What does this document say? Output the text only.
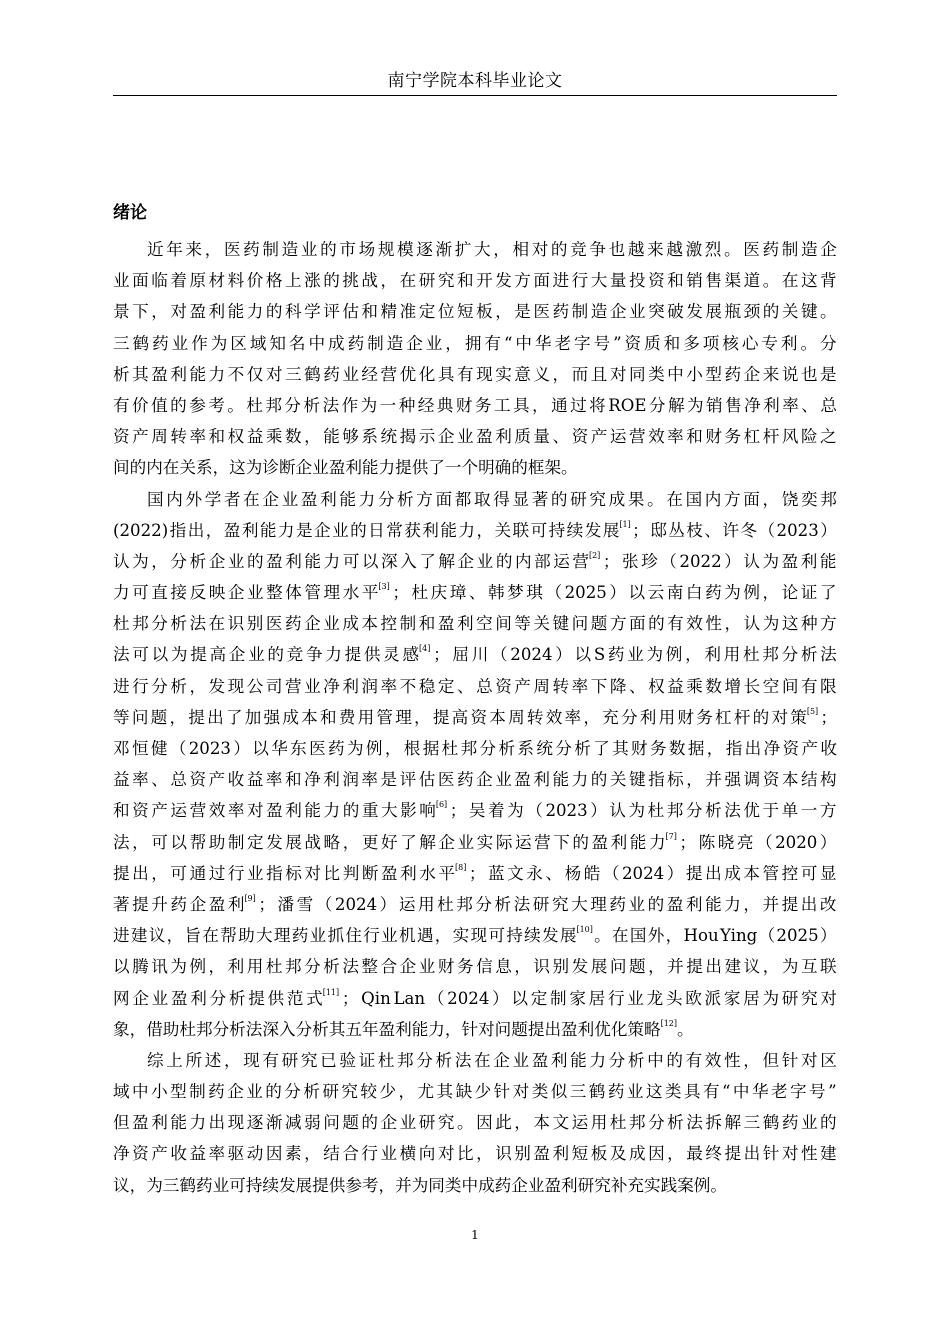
南宁学院本科毕业论文
绪论
近 年 来 ， 医 药 制 造 业 的 市 场 规 模 逐 渐 扩 大 ， 相 对 的 竞 争 也 越 来 越 激 烈 。 医 药 制 造 企
业 面 临 着 原 材 料 价 格 上 涨 的 挑 战 ， 在 研 究 和 开 发 方 面 进 行 大 量 投 资 和 销 售 渠 道 。 在 这 背
景 下 ， 对 盈 利 能 力 的 科 学 评 估 和 精 准 定 位 短 板 ， 是 医 药 制 造 企 业 突 破 发 展 瓶 颈 的 关 键 。
三 鹤 药 业 作 为 区 域 知 名 中 成 药 制 造 企 业 ， 拥 有 “ 中 华 老 字 号 ” 资 质 和 多 项 核 心 专 利 。 分
析 其 盈 利 能 力 不 仅 对 三 鹤 药 业 经 营 优 化 具 有 现 实 意 义 ， 而 且 对 同 类 中 小 型 药 企 来 说 也 是
有 价 值 的 参 考 。 杜 邦 分 析 法 作 为 一 种 经 典 财 务 工 具 ， 通 过 将 ROE 分 解 为 销 售 净 利 率 、 总
资 产 周 转 率 和 权 益 乘 数 ， 能 够 系 统 揭 示 企 业 盈 利 质 量 、 资 产 运 营 效 率 和 财 务 杠 杆 风 险 之
间 的 内 在 关 系 ， 这 为 诊 断 企 业 盈 利 能 力 提 供 了 一 个 明 确 的 框 架 。
国 内 外 学 者 在 企 业 盈 利 能 力 分 析 方 面 都 取 得 显 著 的 研 究 成 果 。 在 国 内 方 面 ， 饶 奕 邦
(2022) 指 出 ， 盈 利 能 力 是 企 业 的 日 常 获 利 能 力 ， 关 联 可 持 续 发 展[1] ； 邸 丛 枝 、 许 冬 （ 2023 ）
认 为 ， 分 析 企 业 的 盈 利 能 力 可 以 深 入 了 解 企 业 的 内 部 运 营[2] ； 张 珍 （ 2022 ） 认 为 盈 利 能
力 可 直 接 反 映 企 业 整 体 管 理 水 平[3] ； 杜 庆 璋 、 韩 梦 琪 （ 2025 ） 以 云 南 白 药 为 例 ， 论 证 了
杜 邦 分 析 法 在 识 别 医 药 企 业 成 本 控 制 和 盈 利 空 间 等 关 键 问 题 方 面 的 有 效 性 ， 认 为 这 种 方
法 可 以 为 提 高 企 业 的 竞 争 力 提 供 灵 感[4] ； 屈 川 （ 2024 ） 以 S 药 业 为 例 ， 利 用 杜 邦 分 析 法
进 行 分 析 ， 发 现 公 司 营 业 净 利 润 率 不 稳 定 、 总 资 产 周 转 率 下 降 、 权 益 乘 数 增 长 空 间 有 限
等 问 题 ， 提 出 了 加 强 成 本 和 费 用 管 理 ， 提 高 资 本 周 转 效 率 ， 充 分 利 用 财 务 杠 杆 的 对 策[5] ；
邓 恒 健 （ 2023 ） 以 华 东 医 药 为 例 ， 根 据 杜 邦 分 析 系 统 分 析 了 其 财 务 数 据 ， 指 出 净 资 产 收
益 率 、 总 资 产 收 益 率 和 净 利 润 率 是 评 估 医 药 企 业 盈 利 能 力 的 关 键 指 标 ， 并 强 调 资 本 结 构
和 资 产 运 营 效 率 对 盈 利 能 力 的 重 大 影 响[6] ； 吴 着 为 （ 2023 ） 认 为 杜 邦 分 析 法 优 于 单 一 方
法 ， 可 以 帮 助 制 定 发 展 战 略 ， 更 好 了 解 企 业 实 际 运 营 下 的 盈 利 能 力[7] ； 陈 晓 亮 （ 2020 ）
提 出 ， 可 通 过 行 业 指 标 对 比 判 断 盈 利 水 平[8] ； 蓝 文 永 、 杨 皓 （ 2024 ） 提 出 成 本 管 控 可 显
著 提 升 药 企 盈 利[9] ； 潘 雪 （ 2024 ） 运 用 杜 邦 分 析 法 研 究 大 理 药 业 的 盈 利 能 力 ， 并 提 出 改
进 建 议 ， 旨 在 帮 助 大 理 药 业 抓 住 行 业 机 遇 ， 实 现 可 持 续 发 展[10] 。 在 国 外 ， Hou Ying （ 2025 ）
以 腾 讯 为 例 ， 利 用 杜 邦 分 析 法 整 合 企 业 财 务 信 息 ， 识 别 发 展 问 题 ， 并 提 出 建 议 ， 为 互 联
网 企 业 盈 利 分 析 提 供 范 式[11] ； Qin Lan （ 2024 ） 以 定 制 家 居 行 业 龙 头 欧 派 家 居 为 研 究 对
象 ， 借 助 杜 邦 分 析 法 深 入 分 析 其 五 年 盈 利 能 力 ， 针 对 问 题 提 出 盈 利 优 化 策 略[12] 。
综 上 所 述 ， 现 有 研 究 已 验 证 杜 邦 分 析 法 在 企 业 盈 利 能 力 分 析 中 的 有 效 性 ， 但 针 对 区
域 中 小 型 制 药 企 业 的 分 析 研 究 较 少 ， 尤 其 缺 少 针 对 类 似 三 鹤 药 业 这 类 具 有 “ 中 华 老 字 号 ”
但 盈 利 能 力 出 现 逐 渐 减 弱 问 题 的 企 业 研 究 。 因 此 ， 本 文 运 用 杜 邦 分 析 法 拆 解 三 鹤 药 业 的
净 资 产 收 益 率 驱 动 因 素 ， 结 合 行 业 横 向 对 比 ， 识 别 盈 利 短 板 及 成 因 ， 最 终 提 出 针 对 性 建
议 ， 为 三 鹤 药 业 可 持 续 发 展 提 供 参 考 ， 并 为 同 类 中 成 药 企 业 盈 利 研 究 补 充 实 践 案 例 。
1
